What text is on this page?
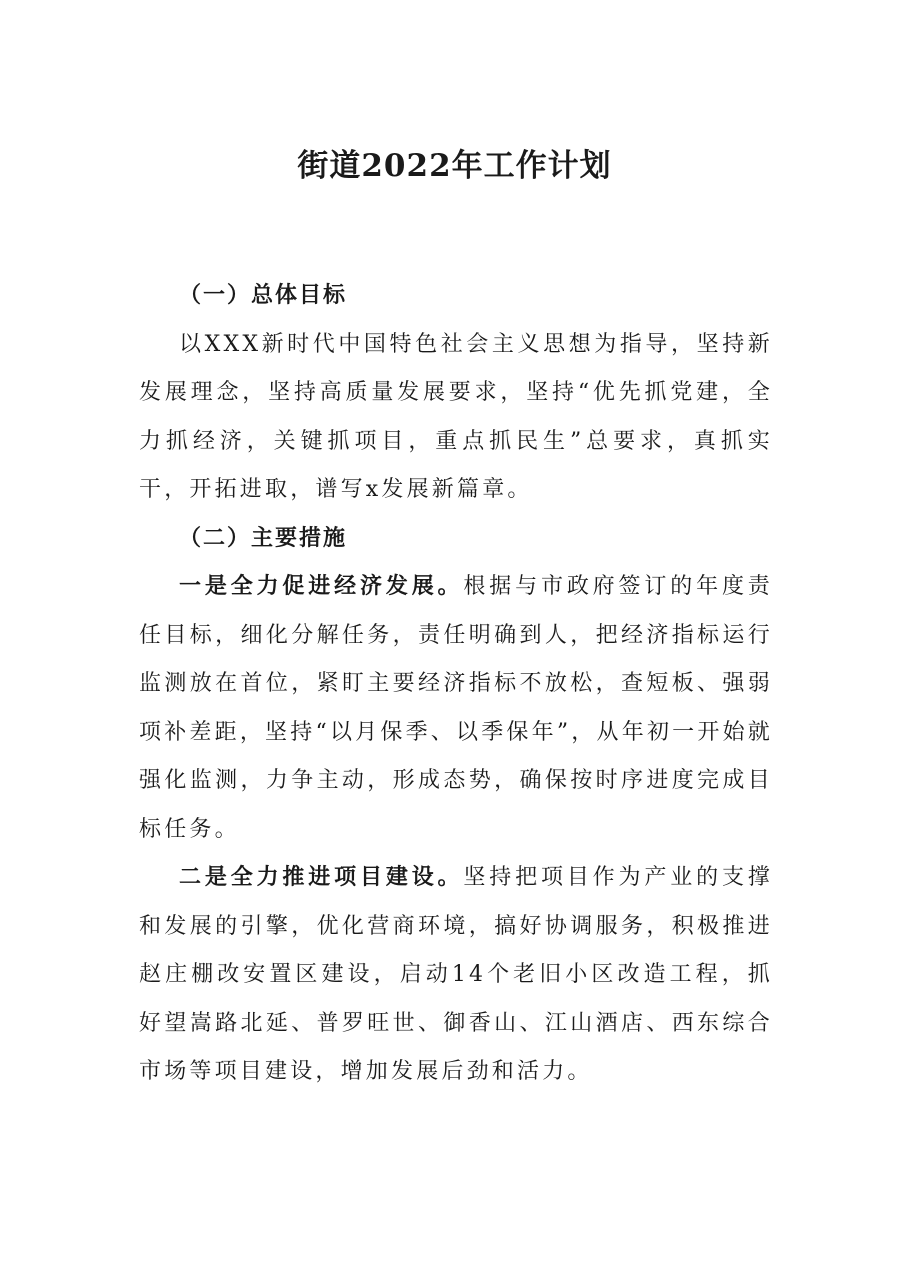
街道2022年工作计划

（一）总体目标

以XXX新时代中国特色社会主义思想为指导，坚持新发展理念，坚持高质量发展要求，坚持“优先抓党建，全力抓经济，关键抓项目，重点抓民生”总要求，真抓实干，开拓进取，谱写x发展新篇章。

（二）主要措施

一是全力促进经济发展。根据与市政府签订的年度责任目标，细化分解任务，责任明确到人，把经济指标运行监测放在首位，紧盯主要经济指标不放松，查短板、强弱项补差距，坚持“以月保季、以季保年”，从年初一开始就强化监测，力争主动，形成态势，确保按时序进度完成目标任务。

二是全力推进项目建设。坚持把项目作为产业的支撑和发展的引擎，优化营商环境，搞好协调服务，积极推进赵庄棚改安置区建设，启动14个老旧小区改造工程，抓好望嵩路北延、普罗旺世、御香山、江山酒店、西东综合市场等项目建设，增加发展后劲和活力。
